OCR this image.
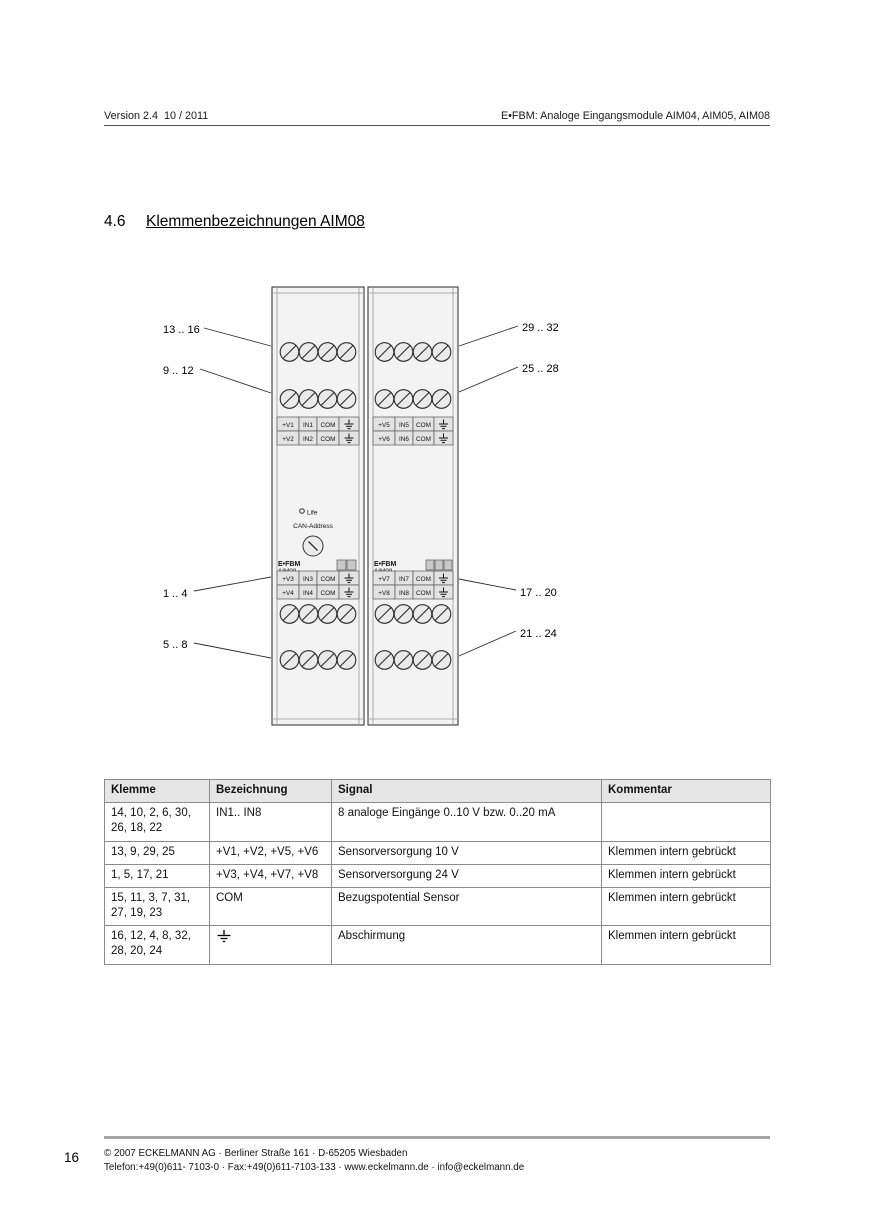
Version 2.4  10 / 2011	E•FBM: Analoge Eingangsmodule AIM04, AIM05, AIM08
4.6 Klemmenbezeichnungen AIM08
+V1 IN1 COM
+V2 IN2 COM
Life
CAN-Address
E•FBM
+V3 IN3 COM
+V4 IN4 COM
+V5 IN5 COM
+V6 IN6 COM
E•FBM
+V7 IN7 COM
+V8 IN8 COM
13 .. 16
9 .. 12
1 .. 4
5 .. 8
29 .. 32
25 .. 28
17 .. 20
21 .. 24
Klemme	Bezeichnung	Signal	Kommentar
14, 10, 2, 6, 30, 26, 18, 22	IN1.. IN8	8 analoge Eingänge 0..10 V bzw. 0..20 mA	
13, 9, 29, 25	+V1, +V2, +V5, +V6	Sensorversorgung 10 V	Klemmen intern gebrückt
1, 5, 17, 21	+V3, +V4, +V7, +V8	Sensorversorgung 24 V	Klemmen intern gebrückt
15, 11, 3, 7, 31, 27, 19, 23	COM	Bezugspotential Sensor	Klemmen intern gebrückt
16, 12, 4, 8, 32, 28, 20, 24		Abschirmung	Klemmen intern gebrückt
16	© 2007 ECKELMANN AG · Berliner Straße 161 · D-65205 Wiesbaden
Telefon:+49(0)611- 7103-0 · Fax:+49(0)611-7103-133 · www.eckelmann.de · info@eckelmann.de
